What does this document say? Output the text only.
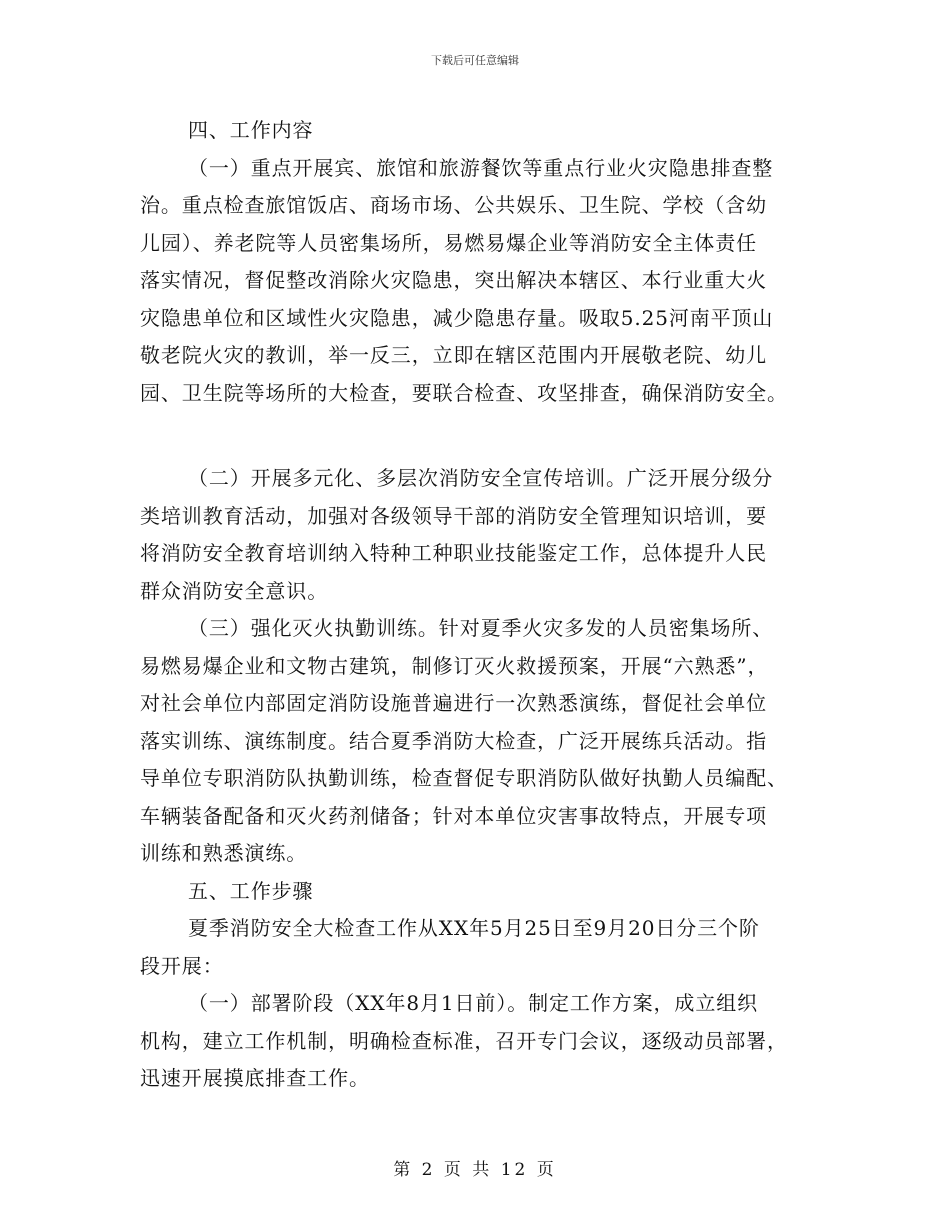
下载后可任意编辑
四、工作内容
（一）重点开展宾、旅馆和旅游餐饮等重点行业火灾隐患排查整
治。重点检查旅馆饭店、商场市场、公共娱乐、卫生院、学校（含幼
儿园）、养老院等人员密集场所，易燃易爆企业等消防安全主体责任
落实情况，督促整改消除火灾隐患，突出解决本辖区、本行业重大火
灾隐患单位和区域性火灾隐患，减少隐患存量。吸取5.25河南平顶山
敬老院火灾的教训，举一反三，立即在辖区范围内开展敬老院、幼儿
园、卫生院等场所的大检查，要联合检查、攻坚排查，确保消防安全。
（二）开展多元化、多层次消防安全宣传培训。广泛开展分级分
类培训教育活动，加强对各级领导干部的消防安全管理知识培训，要
将消防安全教育培训纳入特种工种职业技能鉴定工作，总体提升人民
群众消防安全意识。
（三）强化灭火执勤训练。针对夏季火灾多发的人员密集场所、
易燃易爆企业和文物古建筑，制修订灭火救援预案，开展“六熟悉”，
对社会单位内部固定消防设施普遍进行一次熟悉演练，督促社会单位
落实训练、演练制度。结合夏季消防大检查，广泛开展练兵活动。指
导单位专职消防队执勤训练，检查督促专职消防队做好执勤人员编配、
车辆装备配备和灭火药剂储备；针对本单位灾害事故特点，开展专项
训练和熟悉演练。
五、工作步骤
夏季消防安全大检查工作从XX年5月25日至9月20日分三个阶
段开展：
（一）部署阶段（XX年8月1日前）。制定工作方案，成立组织
机构，建立工作机制，明确检查标准，召开专门会议，逐级动员部署，
迅速开展摸底排查工作。
第 2 页 共 12 页
